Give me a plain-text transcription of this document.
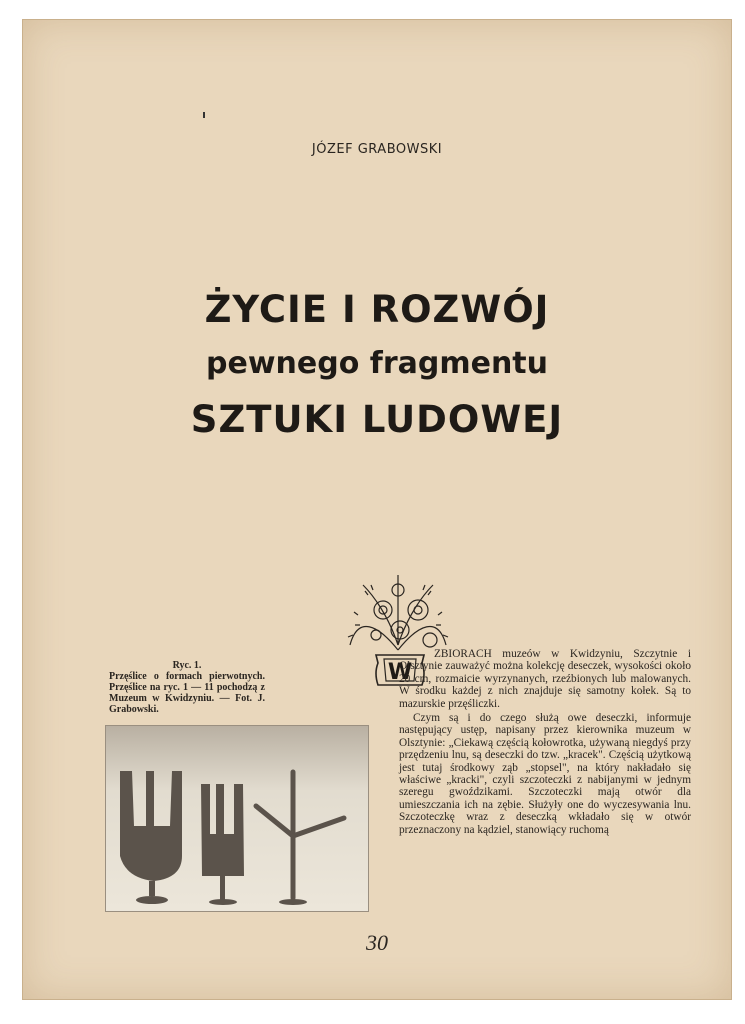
JÓZEF GRABOWSKI
ŻYCIE I ROZWÓJ
pewnego fragmentu
SZTUKI LUDOWEJ
W
Ryc. 1.
Przęślice o formach pierwotnych. Przęślice na ryc. 1 — 11 pochodzą z Muzeum w Kwidzyniu. — Fot. J. Grabowski.
ZBIORACH muzeów w Kwidzyniu, Szczytnie i Olsztynie zauważyć można kolekcję deseczek, wysokości około 20 cm, rozmaicie wyrzynanych, rzeźbionych lub malowanych. W środku każdej z nich znajduje się samotny kołek. Są to mazurskie przęśliczki.
Czym są i do czego służą owe deseczki, informuje następujący ustęp, napisany przez kierownika muzeum w Olsztynie: „Ciekawą częścią kołowrotka, używaną niegdyś przy przędzeniu lnu, są deseczki do tzw. „kracek". Częścią użytkową jest tutaj środkowy ząb „stopsel", na który nakładało się właściwe „kracki", czyli szczoteczki z nabijanymi w jednym szeregu gwoździkami. Szczoteczki mają otwór dla umieszczania ich na zębie. Służyły one do wyczesywania lnu. Szczoteczkę wraz z deseczką wkładało się w otwór przeznaczony na kądziel, stanowiący ruchomą
30
